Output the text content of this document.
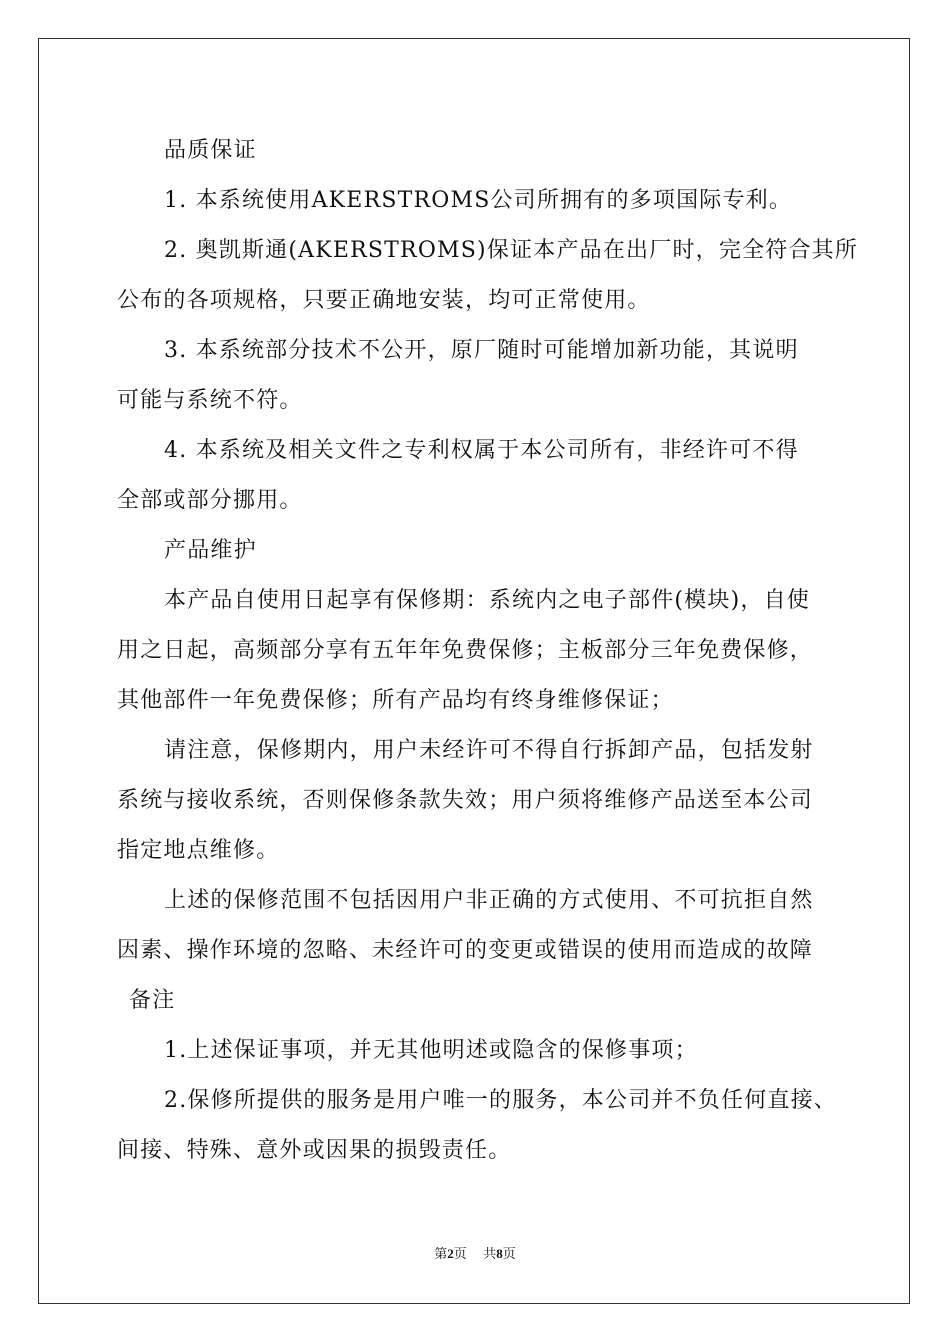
品质保证
1. 本系统使用AKERSTROMS公司所拥有的多项国际专利。
2. 奥凯斯通(AKERSTROMS)保证本产品在出厂时，完全符合其所
公布的各项规格，只要正确地安装，均可正常使用。
3. 本系统部分技术不公开，原厂随时可能增加新功能，其说明
可能与系统不符。
4. 本系统及相关文件之专利权属于本公司所有，非经许可不得
全部或部分挪用。
产品维护
本产品自使用日起享有保修期：系统内之电子部件(模块)，自使
用之日起，高频部分享有五年年免费保修；主板部分三年免费保修，
其他部件一年免费保修；所有产品均有终身维修保证；
请注意，保修期内，用户未经许可不得自行拆卸产品，包括发射
系统与接收系统，否则保修条款失效；用户须将维修产品送至本公司
指定地点维修。
上述的保修范围不包括因用户非正确的方式使用、不可抗拒自然
因素、操作环境的忽略、未经许可的变更或错误的使用而造成的故障
备注
1.上述保证事项，并无其他明述或隐含的保修事项；
2.保修所提供的服务是用户唯一的服务，本公司并不负任何直接、
间接、特殊、意外或因果的损毁责任。
第2页 共8页
